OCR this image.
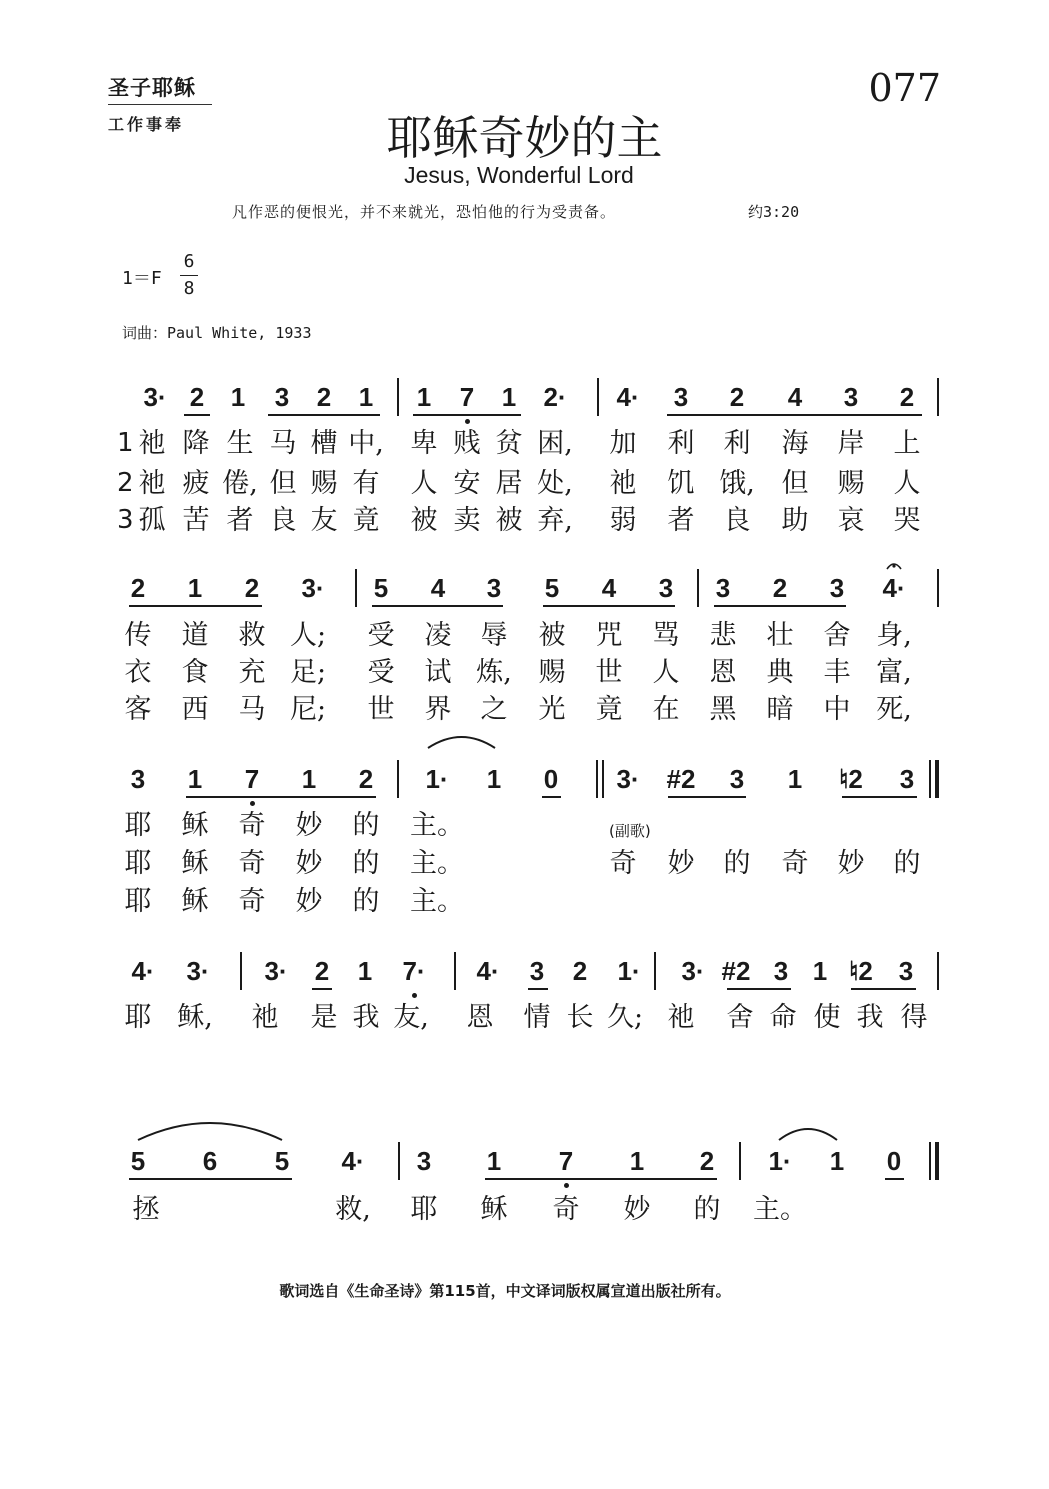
圣子耶稣
工作事奉
077
耶稣奇妙的主
Jesus, Wonderful Lord
凡作恶的便恨光，并不来就光，恐怕他的行为受责备。	约3:20
1＝F
6
8
词曲：Paul White, 1933
3· 2 1 3 2 1 1 7 1 2· 4· 3 2 4 3 2
1 祂 降 生 马 槽 中, 卑 贱 贫 困, 加 利 利 海 岸 上
2 祂 疲 倦, 但 赐 有 人 安 居 处, 祂 饥 饿, 但 赐 人
3 孤 苦 者 良 友 竟 被 卖 被 弃, 弱 者 良 助 哀 哭
2 1 2 3· 5 4 3 5 4 3 3 2 3 4·
传 道 救 人; 受 凌 辱 被 咒 骂 悲 壮 舍 身,
衣 食 充 足; 受 试 炼, 赐 世 人 恩 典 丰 富,
客 西 马 尼; 世 界 之 光 竟 在 黑 暗 中 死,
3 1 7 1 2 1· 1 0 3· #2 3 1 ♮2 3
耶 稣 奇 妙 的 主。
耶 稣 奇 妙 的 主。	奇 妙 的 奇 妙 的
耶 稣 奇 妙 的 主。
(副歌)
4· 3· 3· 2 1 7· 4· 3 2 1· 3· #2 3 1 ♮2 3
耶 稣, 祂 是 我 友, 恩 情 长 久; 祂 舍 命 使 我 得
5 6 5 4· 3 1 7 1 2 1· 1 0
拯	救, 耶 稣 奇 妙 的 主。
歌词选自《生命圣诗》第115首，中文译词版权属宣道出版社所有。
